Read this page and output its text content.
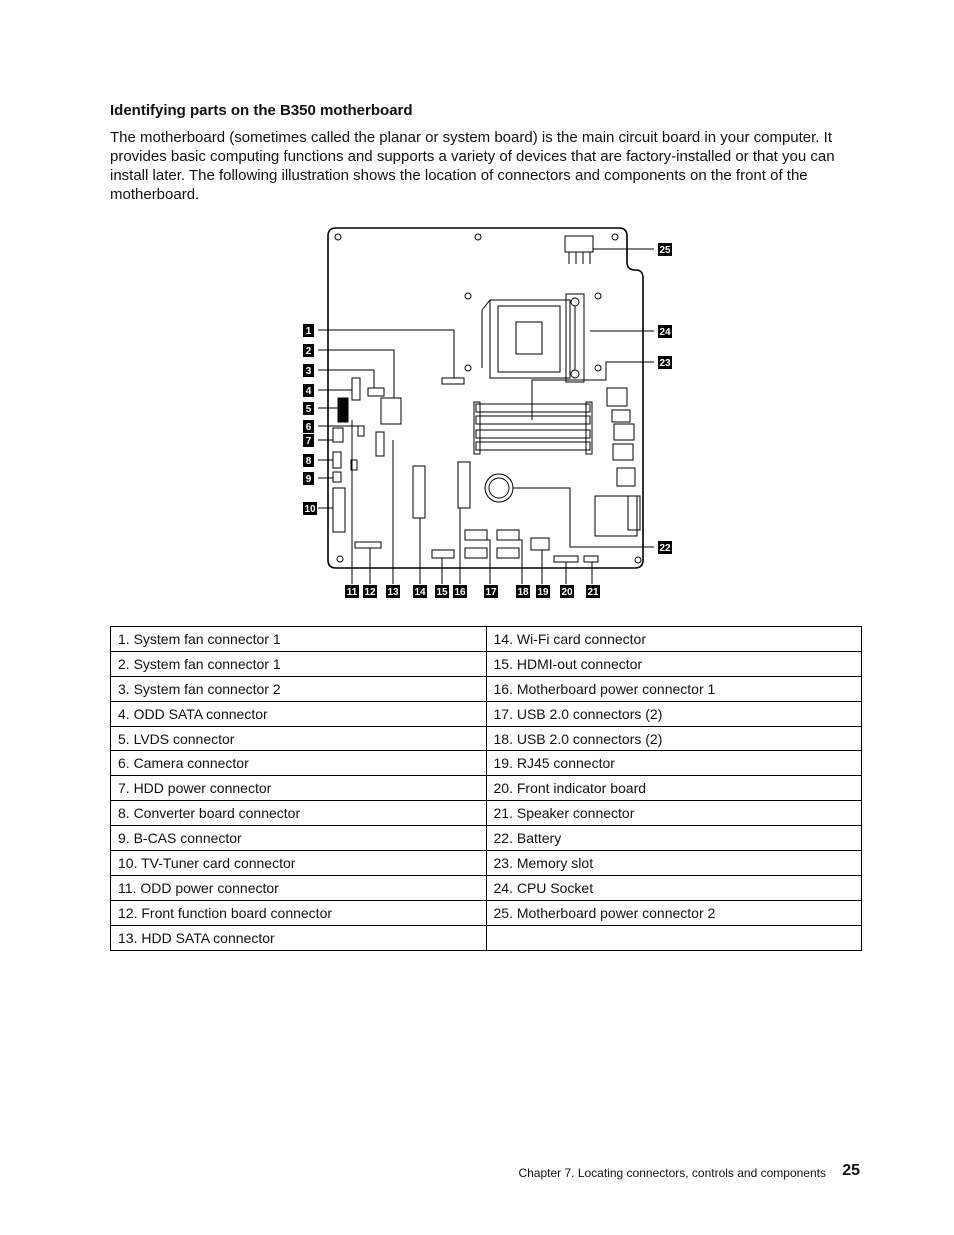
Identifying parts on the B350 motherboard
The motherboard (sometimes called the planar or system board) is the main circuit board in your computer. It provides basic computing functions and supports a variety of devices that are factory-installed or that you can install later. The following illustration shows the location of connectors and components on the front of the motherboard.
1
2
3
4
5
6
7
8
9
10
11 12 13 14 15 16 17 18 19 20 21
22
23
24
25
1. System fan connector 1	14. Wi-Fi card connector
2. System fan connector 1	15. HDMI-out connector
3. System fan connector 2	16. Motherboard power connector 1
4. ODD SATA connector	17. USB 2.0 connectors (2)
5. LVDS connector	18. USB 2.0 connectors (2)
6. Camera connector	19. RJ45 connector
7. HDD power connector	20. Front indicator board
8. Converter board connector	21. Speaker connector
9. B-CAS connector	22. Battery
10. TV-Tuner card connector	23. Memory slot
11. ODD power connector	24. CPU Socket
12. Front function board connector	25. Motherboard power connector 2
13. HDD SATA connector	
Chapter 7. Locating connectors, controls and components 25
